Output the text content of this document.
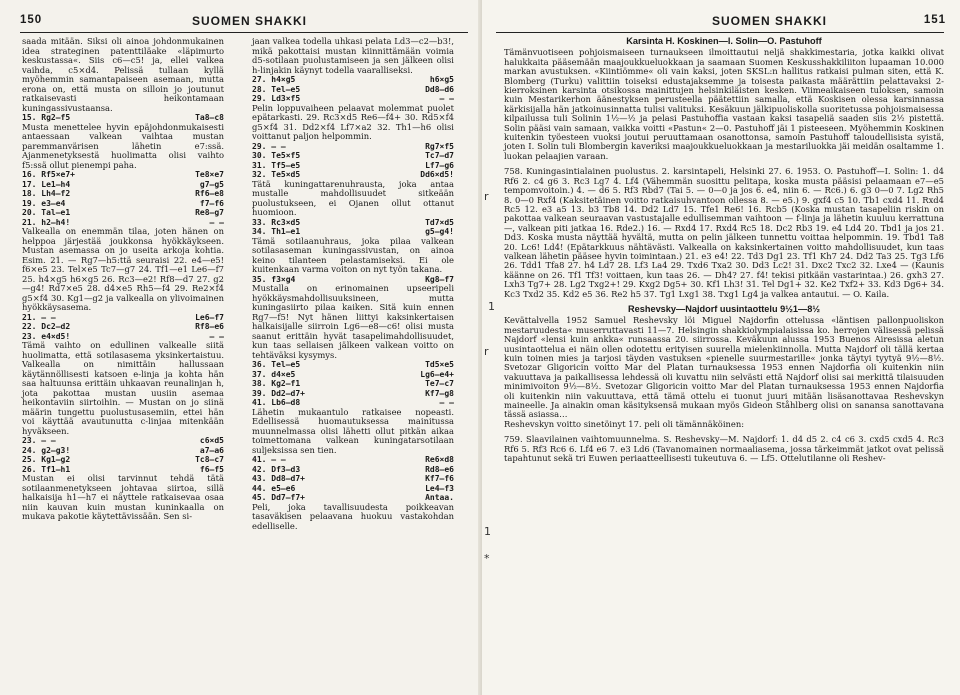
150	SUOMEN SHAKKI

saada mitään. Siksi oli ainoa johdonmukainen idea strateginen patenttiläake «läpimurto keskustassa«. Siis c6—c5! ja, ellei valkea vaihda, c5×d4. Pelissä tullaan kyllä myöhemmin samantapaiseen asemaan, mutta erona on, että musta on silloin jo joutunut ratkaisevasti heikontamaan kuningassivustaansa.

15. Rg2—f5	Ta8—c8

Musta menettelee hyvin epäjohdonmukaisesti antaessaan valkean vaihtaa mustan paremmanvärisen lähetin e7:ssä. Ajanmenetyksestä huolimatta olisi vaihto f5:ssä ollut pienempi paha.

16. Rf5×e7+	Te8×e7
17. Le1—h4	g7—g5
18. Lh4—f2	Rf6—e8
19. e3—e4	f7—f6
20. Tal—e1	Re8—g7
21. h2—h4!	— —

Valkealla on enemmän tilaa, joten hänen on helppoa järjestää joukkonsa hyökkäykseen. Mustan asemassa on jo useita arkoja kohtia. Esim. 21. — Rg7—h5:ttä seuraisi 22. e4—e5! f6×e5 23. Tel×e5 Tc7—g7 24. Tf1—e1 Le6—f7 25. h4×g5 h6×g5 26. Rc3—e2! Rf8—d7 27. g2—g4! Rd7×e5 28. d4×e5 Rh5—f4 29. Re2×f4 g5×f4 30. Kg1—g2 ja valkealla on ylivoimainen hyökkäysasema.

21. — —	Le6—f7
22. Dc2—d2	Rf8—e6
23. e4×d5!	— —

Tämä vaihto on edullinen valkealle siitä huolimatta, että sotilasasema yksinkertaistuu. Valkealla on nimittäin hallussaan käytännöllisesti katsoen e-linja ja kohta hän saa haltuunsa erittäin uhkaavan reunalinjan h, jota pakottaa mustan uusiin asemaa heikontaviin siirtoihin. — Mustan on jo siinä määrin tungettu puolustusasemiin, ettei hän voi käyttää avautunutta c-linjaa mitenkään hyväkseen.

23. — —	c6×d5
24. g2—g3!	a7—a6
25. Kg1—g2	Tc8—c7
26. Tf1—h1	f6—f5

Mustan ei olisi tarvinnut tehdä tätä sotilaanmenetykseen johtavaa siirtoa, sillä halkaisija h1—h7 ei näyttele ratkaisevaa osaa niin kauvan kuin mustan kuninkaalla on mukava pakotie käytettävissään. Sen si-

jaan valkea todella uhkasi pelata Ld3—c2—b3!, mikä pakottaisi mustan kiinnittämään voimia d5-sotilaan puolustamiseen ja sen jälkeen olisi h-linjakin käynyt todella vaaralliseksi.

27. h4×g5	h6×g5
28. Tel—e5	Dd8—d6
29. Ld3×f5	— —

Pelin loppuvaiheen pelaavat molemmat puolet epätarkasti. 29. Rc3×d5 Re6—f4+ 30. Rd5×f4 g5×f4 31. Dd2×f4 Lf7×a2 32. Th1—h6 olisi voittanut paljon helpommin.

29. — —	Rg7×f5
30. Te5×f5	Tc7—d7
31. Tf5—e5	Lf7—g6
32. Te5×d5	Dd6×d5!

Tätä kuningattarenuhrausta, joka antaa mustalle mahdollisuudet sitkeään puolustukseen, ei Ojanen ollut ottanut huomioon.

33. Rc3×d5	Td7×d5
34. Th1—e1	g5—g4!

Tämä sotilaanuhraus, joka pilaa valkean sotilasaseman kuningassivustan, on ainoa keino tilanteen pelastamiseksi. Ei ole kuitenkaan varma voiton on nyt työn takana.

35. f3×g4	Kg8—f7

Mustalla on erinomainen upseeripeli hyökkäysmahdollisuuksineen, mutta kuningasiirto pilaa kaiken. Sitä kuin ennen Rg7—f5! Nyt hänen liittyi kaksinkertaisen halkaisijalle siirroin Lg6—e8—c6! olisi musta saanut erittäin hyvät tasapelimahdollisuudet, kun taas sellaisen jälkeen valkean voitto on tehtäväksi kysymys.

36. Tel—e5	Td5×e5
37. d4×e5	Lg6—e4+
38. Kg2—f1	Te7—c7
39. Dd2—d7+	Kf7—g8
41. Lb6—d8	— —

Lähetin mukaantulo ratkaisee nopeasti. Edellisessä huomautuksessa mainitussa muunnelmassa olisi lähetti ollut pitkän aikaa toimettomana valkean kuningatarsotilaan suljeksissa sen tien.

41. — —	Re6×d8
42. Df3—d3	Rd8—e6
43. Dd8—d7+	Kf7—f6
44. e5—e6	Le4—f3
45. Dd7—f7+	Antaa.

Peli, joka tavallisuudesta poikkeavan tasaväkisen pelaavana huokuu vastakohdan edelliselle.

SUOMEN SHAKKI	151

Karsinta H. Koskinen—I. Solin—O. Pastuhoff

Tämänvuotiseen pohjoismaiseen turnaukseen ilmoittautui neljä shakkimestaria, jotka kaikki olivat halukkaita pääsemään maajoukkueluokkaan ja saamaan Suomen Keskusshakkiliiton lupaaman 10.000 markan avustuksen. «Kiintiömme« oli vain kaksi, joten SKSL:n hallitus ratkaisi pulman siten, että K. Blomberg (Turku) valittiin toiseksi edustajaksemme ja toisesta paikasta määrättiin pelattavaksi 2-kierroksinen karsinta otsikossa mainittujen helsinkiläisten kesken. Viimeaikaiseen tuloksen, samoin kuin Mestarikerhon äänestyksen perusteella päätettiin samalla, että Koskisen olessa karsinnassa kärkisijalla hän jatkoinusinnatta tulisi valituksi. Kesäkuun jälkipuoliskolla suoritetussa pohjoismaisessa kilpailussa tuli Solinin 1½—½ ja pelasi Pastuhoffia vastaan kaksi tasapeliä saaden siis 2½ pistettä. Solin pääsi vain samaan, vaikka voitti «Pastun« 2—0. Pastuhoff jäi 1 pisteeseen. Myöhemmin Koskinen kuitenkin työesteen vuoksi joutui peruuttamaan osanottonsa, samoin Pastuhoff taloudellisista syistä, joten I. Solin tuli Blombergin kaveriksi maajoukkueluokkaan ja mestariluokka jäi meidän osaltamme 1. luokan pelaajien varaan.

758. Kuningasintialainen puolustus. 2. karsintapeli, Helsinki 27. 6. 1953. O. Pastuhoff—I. Solin: 1. d4 Rf6 2. c4 g6 3. Rc3 Lg7 4. Lf4 (Vähemmän suosittu pelitapa, koska musta pääsisi pelaamaan e7—e5 tempomvoitoin.) 4. — d6 5. Rf3 Rbd7 (Tai 5. — 0—0 ja jos 6. e4, niin 6. — Rc6.) 6. g3 0—0 7. Lg2 Rh5 8. 0—0 Rxf4 (Kaksitetäinen voitto ratkaisuhvantoon ollessa 8. — e5.) 9. gxf4 c5 10. Tb1 cxd4 11. Rxd4 Rc5 12. e3 a5 13. b3 Tb8 14. Dd2 Ld7 15. Tfe1 Re6! 16. Rcb5 (Koska mustan tasapeliin riskin on pakottaa valkean seuraavan vastustajalle edullisemman vaihtoon — f-linja ja lähetin kuuluu kerrattuna —, valkean piti jatkaa 16. Rde2.) 16. — Rxd4 17. Rxd4 Rc5 18. Dc2 Rb3 19. e4 Ld4 20. Tbd1 ja jos 21. Dd3. Koska musta näyttää hyvältä, mutta on pelin jälkeen tunnettu voittaa helpommin. 19. Tbd1 Ta8 20. Lc6! Ld4! (Epätarkkuus nähtävästi. Valkealla on kaksinkertainen voitto mahdollisuudet, kun taas valkean lähetin pääsee hyvin toimintaan.) 21. e3 e4! 22. Td3 Dg1 23. Tf1 Kh7 24. Dd2 Ta3 25. Tg3 Lf6 26. Tdd1 Tfa8 27. h4 Ld7 28. Lf3 La4 29. Txd6 Txa2 30. Dd3 Lc2! 31. Dxc2 Txc2 32. Lxe4 — (Kaunis käänne on 26. Tf1 Tf3! voittaen, kun taas 26. — Dh4? 27. f4! tekisi pitkään vastarintaa.) 26. gxh3 27. Lxh3 Tg7+ 28. Lg2 Txg2+! 29. Kxg2 Dg5+ 30. Kf1 Lh3! 31. Tel Dg1+ 32. Ke2 Txf2+ 33. Kd3 Dg6+ 34. Kc3 Txd2 35. Kd2 e5 36. Re2 h5 37. Tg1 Lxg1 38. Txg1 Lg4 ja valkea antautui. — O. Kaila.

Reshevsky—Najdorf uusintaottelu 9½1—8½

Kevättalvella 1952 Samuel Reshevsky löi Miguel Najdorfin ottelussa «läntisen pallonpuoliskon mestaruudesta« muserruttavasti 11—7. Helsingin shakkiolympialaisissa ko. herrojen välisessä pelissä Najdorf «lensi kuin ankka« runsaassa 20. siirrossa. Keväkuun alussa 1953 Buenos Airesissa aletun uusintaottelua ei näin ollen odotettu erityisen suurella mielenkiinnolla. Mutta Najdorf oli tällä kertaa kuin toinen mies ja tarjosi täyden vastuksen «pienelle suurmestarille« jonka täytyi tyytyä 9½—8½. Svetozar Gligoricin voitto Mar del Platan turnauksessa 1953 ennen Najdorfia oli kuitenkin niin vakuuttava ja paikallisessa lehdessä oli kuvattu niin selvästi että Najdorf olisi sai merkittä tilaisuuden minimivoiton 9½—8½. Svetozar Gligoricin voitto Mar del Platan turnauksessa 1953 ennen Najdorfia oli kuitenkin niin vakuuttava, että tämä ottelu ei tuonut juuri mitään lisäsanottavaa Reshevskyn maineelle. Ja ainakin oman käsityksensä mukaan myös Gideon Ståhlberg olisi on sanansa sanottavana tässä asiassa…

Reshevskyn voitto sinetöinyt 17. peli oli tämännäköinen:

759. Slaavilainen vaihtomuunnelma. S. Reshevsky—M. Najdorf: 1. d4 d5 2. c4 c6 3. cxd5 cxd5 4. Rc3 Rf6 5. Rf3 Rc6 6. Lf4 e6 7. e3 Ld6 (Tavanomainen normaaliasema, jossa tärkeimmät jatkot ovat pelissä tapahtunut sekä tri Euwen periaatteellisesti tukeutuva 6. — Lf5. Ottelutilanne oli Reshev-

r
1
r
1
*
